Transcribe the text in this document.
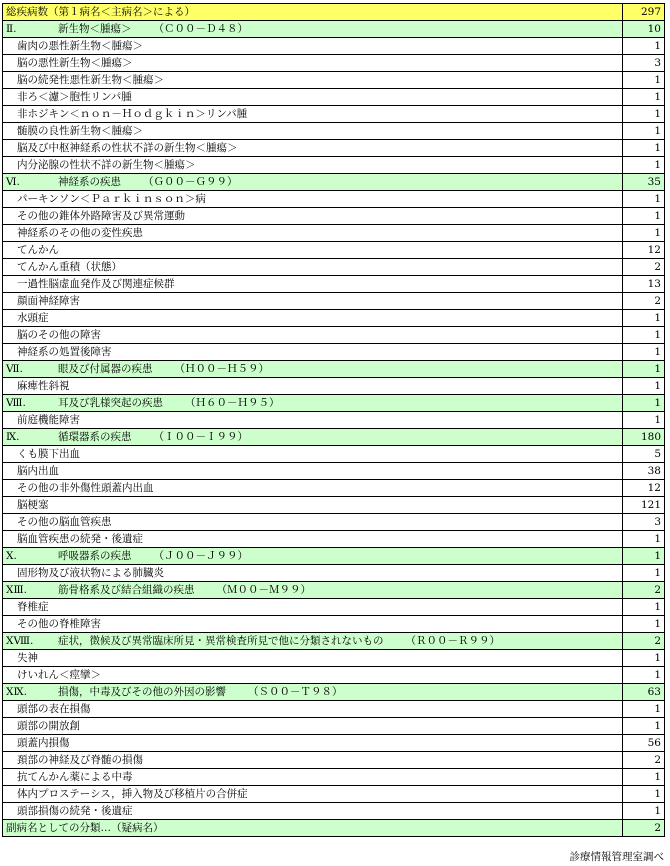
総疾病数（第１病名＜主病名＞による）	297
Ⅱ. 新生物＜腫瘍＞ （Ｃ００－Ｄ４８）	10
歯肉の悪性新生物＜腫瘍＞	1
脳の悪性新生物＜腫瘍＞	3
脳の続発性悪性新生物＜腫瘍＞	1
非ろ＜濾＞胞性リンパ腫	1
非ホジキン＜ｎｏｎ－Ｈｏｄｇｋｉｎ＞リンパ腫	1
髄膜の良性新生物＜腫瘍＞	1
脳及び中枢神経系の性状不詳の新生物＜腫瘍＞	1
内分泌腺の性状不詳の新生物＜腫瘍＞	1
Ⅵ. 神経系の疾患 （Ｇ００－Ｇ９９）	35
パーキンソン＜Ｐａｒｋｉｎｓｏｎ＞病	1
その他の錐体外路障害及び異常運動	1
神経系のその他の変性疾患	1
てんかん	12
てんかん重積（状態）	2
一過性脳虚血発作及び関連症候群	13
顔面神経障害	2
水頭症	1
脳のその他の障害	1
神経系の処置後障害	1
Ⅶ. 眼及び付属器の疾患 （Ｈ００－Ｈ５９）	1
麻痺性斜視	1
Ⅷ. 耳及び乳様突起の疾患 （Ｈ６０－Ｈ９５）	1
前庭機能障害	1
Ⅸ. 循環器系の疾患 （Ｉ００－Ｉ９９）	180
くも膜下出血	5
脳内出血	38
その他の非外傷性頭蓋内出血	12
脳梗塞	121
その他の脳血管疾患	3
脳血管疾患の続発・後遺症	1
Ⅹ. 呼吸器系の疾患 （Ｊ００－Ｊ９９）	1
固形物及び液状物による肺臓炎	1
ⅩⅢ. 筋骨格系及び結合組織の疾患 （Ｍ００－Ｍ９９）	2
脊椎症	1
その他の脊椎障害	1
ⅩⅧ. 症状，徴候及び異常臨床所見・異常検査所見で他に分類されないもの （Ｒ００－Ｒ９９）	2
失神	1
けいれん＜痙攣＞	1
ⅩⅨ. 損傷，中毒及びその他の外因の影響 （Ｓ００－Ｔ９８）	63
頭部の表在損傷	1
頭部の開放創	1
頭蓋内損傷	56
頚部の神経及び脊髄の損傷	2
抗てんかん薬による中毒	1
体内プロステーシス，挿入物及び移植片の合併症	1
頭部損傷の続発・後遺症	1
副病名としての分類…（疑病名）	2
診療情報管理室調べ
